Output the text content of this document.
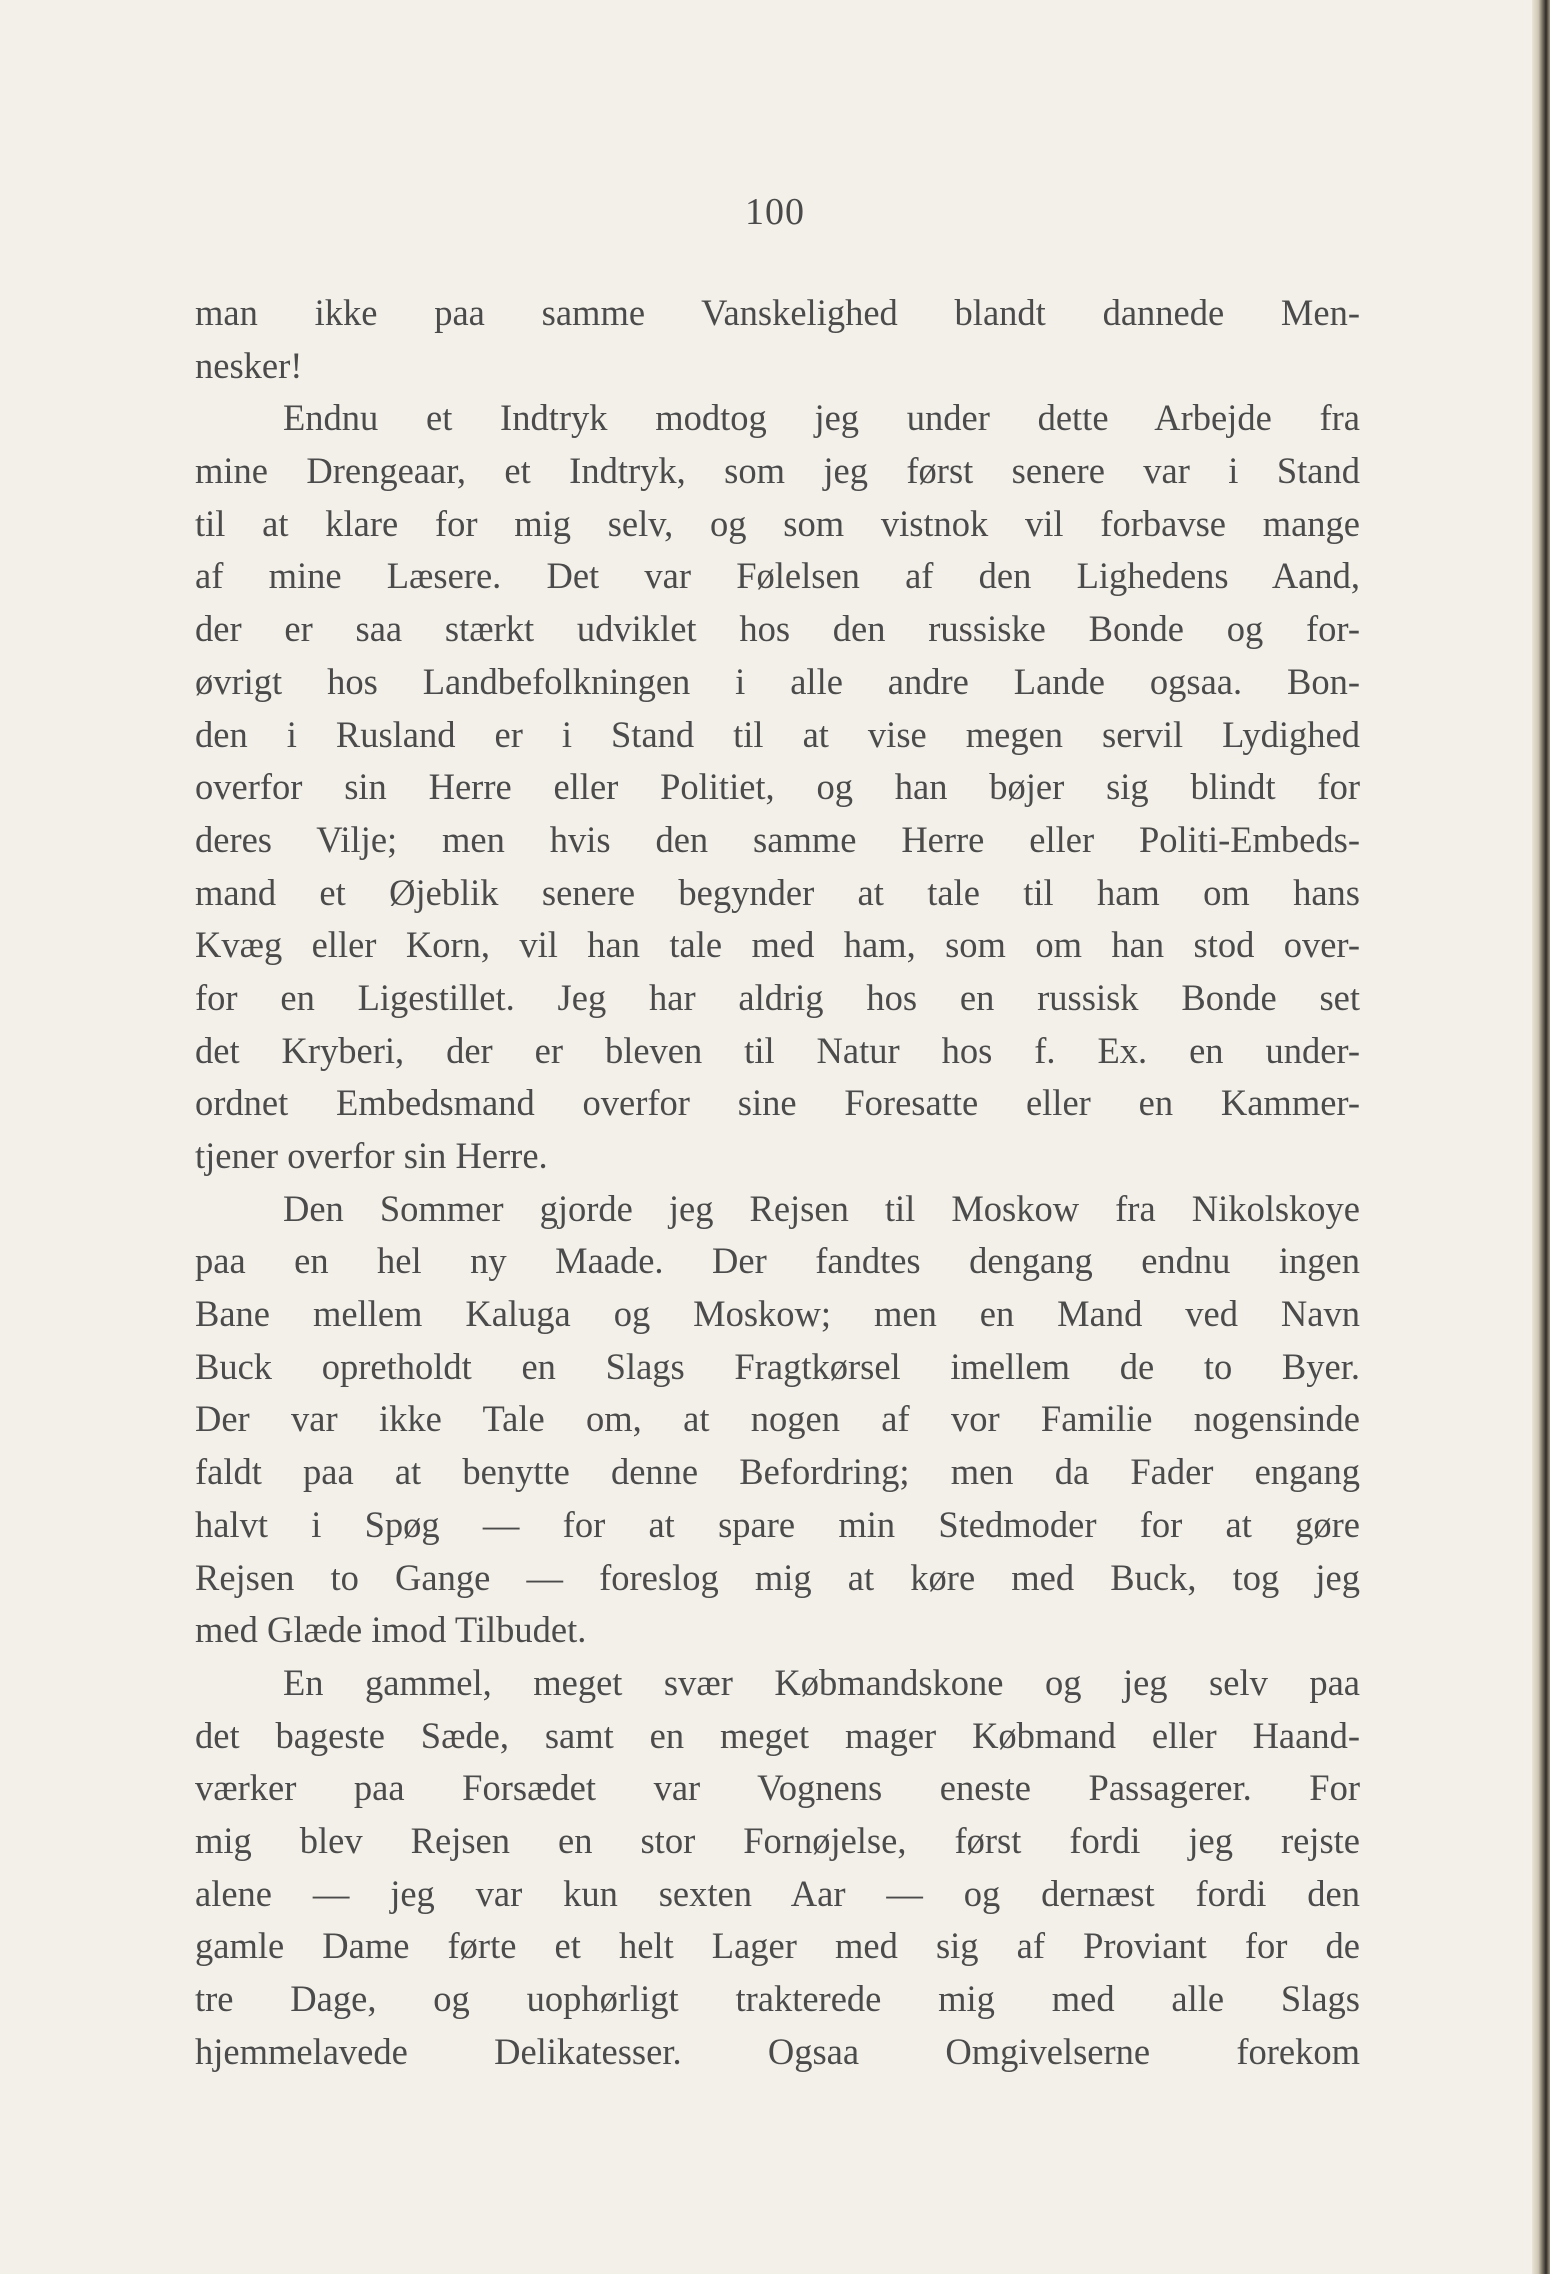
100
man ikke paa samme Vanskelighed blandt dannede Men-
nesker!
Endnu et Indtryk modtog jeg under dette Arbejde fra
mine Drengeaar, et Indtryk, som jeg først senere var i Stand
til at klare for mig selv, og som vistnok vil forbavse mange
af mine Læsere. Det var Følelsen af den Lighedens Aand,
der er saa stærkt udviklet hos den russiske Bonde og for-
øvrigt hos Landbefolkningen i alle andre Lande ogsaa. Bon-
den i Rusland er i Stand til at vise megen servil Lydighed
overfor sin Herre eller Politiet, og han bøjer sig blindt for
deres Vilje; men hvis den samme Herre eller Politi-Embeds-
mand et Øjeblik senere begynder at tale til ham om hans
Kvæg eller Korn, vil han tale med ham, som om han stod over-
for en Ligestillet. Jeg har aldrig hos en russisk Bonde set
det Kryberi, der er bleven til Natur hos f. Ex. en under-
ordnet Embedsmand overfor sine Foresatte eller en Kammer-
tjener overfor sin Herre.
Den Sommer gjorde jeg Rejsen til Moskow fra Nikolskoye
paa en hel ny Maade. Der fandtes dengang endnu ingen
Bane mellem Kaluga og Moskow; men en Mand ved Navn
Buck opretholdt en Slags Fragtkørsel imellem de to Byer.
Der var ikke Tale om, at nogen af vor Familie nogensinde
faldt paa at benytte denne Befordring; men da Fader engang
halvt i Spøg — for at spare min Stedmoder for at gøre
Rejsen to Gange — foreslog mig at køre med Buck, tog jeg
med Glæde imod Tilbudet.
En gammel, meget svær Købmandskone og jeg selv paa
det bageste Sæde, samt en meget mager Købmand eller Haand-
værker paa Forsædet var Vognens eneste Passagerer. For
mig blev Rejsen en stor Fornøjelse, først fordi jeg rejste
alene — jeg var kun sexten Aar — og dernæst fordi den
gamle Dame førte et helt Lager med sig af Proviant for de
tre Dage, og uophørligt trakterede mig med alle Slags
hjemmelavede Delikatesser. Ogsaa Omgivelserne forekom
